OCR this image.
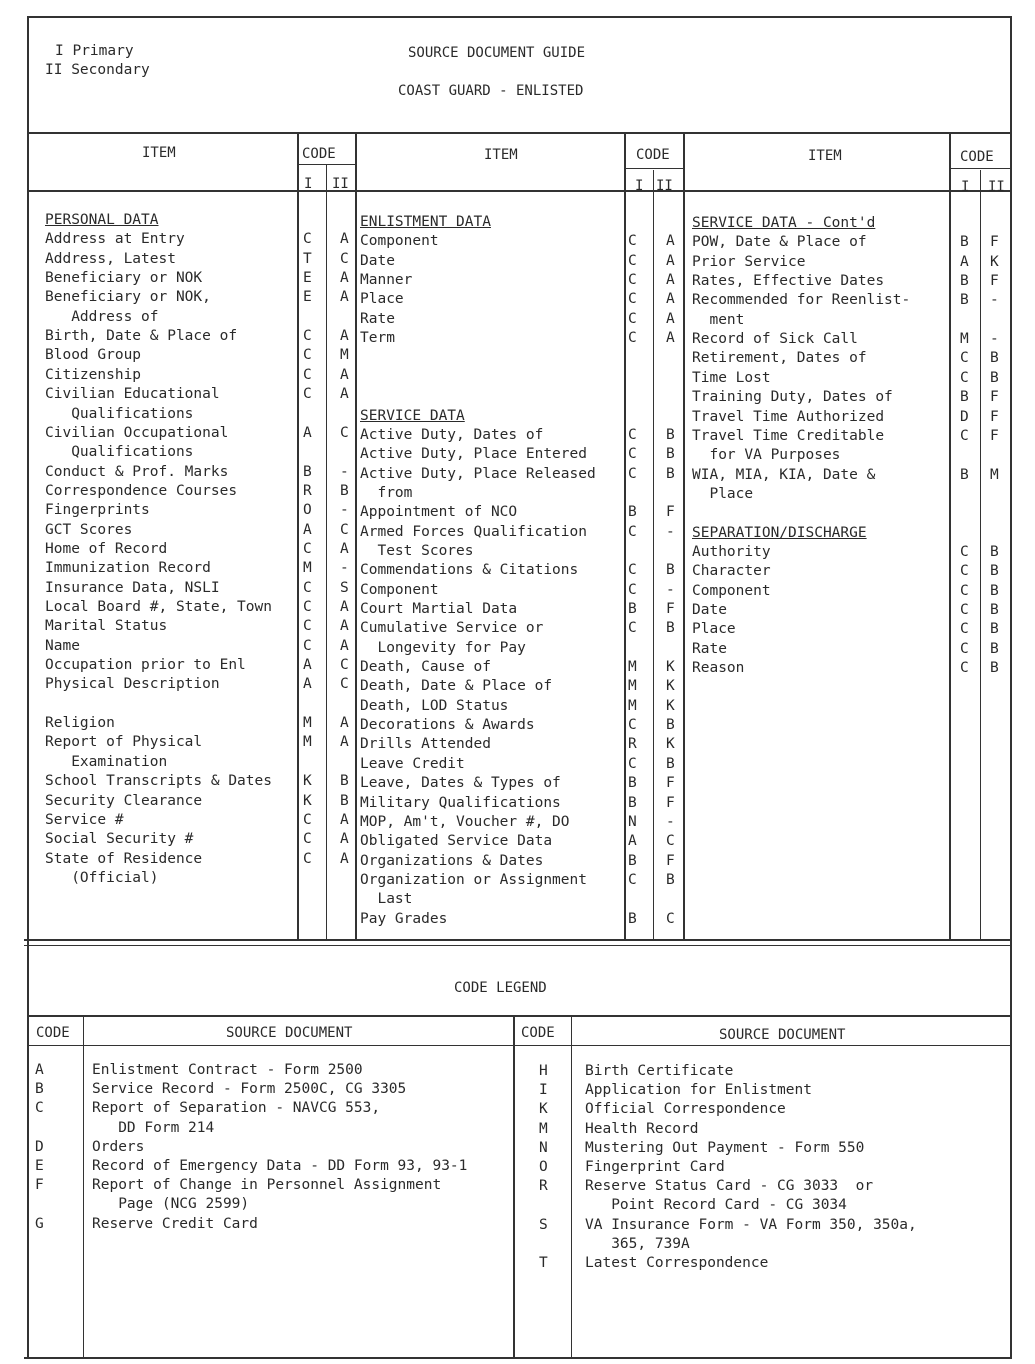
I Primary
II Secondary
SOURCE DOCUMENT GUIDE
COAST GUARD - ENLISTED
ITEM	CODE
I II
ITEM	CODE
I II
ITEM	CODE
I II
PERSONAL DATA
Address at Entry	C A
Address, Latest	T C
Beneficiary or NOK	E A
Beneficiary or NOK,	E A
Address of
Birth, Date & Place of	C A
Blood Group	C M
Citizenship	C A
Civilian Educational	C A
Qualifications
Civilian Occupational	A C
Qualifications
Conduct & Prof. Marks	B -
Correspondence Courses	R B
Fingerprints	O -
GCT Scores	A C
Home of Record	C A
Immunization Record	M -
Insurance Data, NSLI	C S
Local Board #, State, Town C A
Marital Status	C A
Name	C A
Occupation prior to Enl	A C
Physical Description	A C
Religion	M A
Report of Physical	M A
Examination
School Transcripts & Dates K B
Security Clearance	K B
Service #	C A
Social Security #	C A
State of Residence	C A
(Official)
ENLISTMENT DATA
Component	C A
Date	C A
Manner	C A
Place	C A
Rate	C A
Term	C A
SERVICE DATA
Active Duty, Dates of	C B
Active Duty, Place Entered	C B
Active Duty, Place Released C B
from
Appointment of NCO	B F
Armed Forces Qualification	C -
Test Scores
Commendations & Citations	C B
Component	C -
Court Martial Data	B F
Cumulative Service or	C B
Longevity for Pay
Death, Cause of	M K
Death, Date & Place of	M K
Death, LOD Status	M K
Decorations & Awards	C B
Drills Attended	R K
Leave Credit	C B
Leave, Dates & Types of	B F
Military Qualifications	B F
MOP, Am't, Voucher #, DO	N -
Obligated Service Data	A C
Organizations & Dates	B F
Organization or Assignment	C B
Last
Pay Grades	B C
SERVICE DATA - Cont'd
POW, Date & Place of	B F
Prior Service	A K
Rates, Effective Dates	B F
Recommended for Reenlist-	B -
ment
Record of Sick Call	M -
Retirement, Dates of	C B
Time Lost	C B
Training Duty, Dates of	B F
Travel Time Authorized	D F
Travel Time Creditable	C F
for VA Purposes
WIA, MIA, KIA, Date &	B M
Place
SEPARATION/DISCHARGE
Authority	C B
Character	C B
Component	C B
Date	C B
Place	C B
Rate	C B
Reason	C B
CODE LEGEND
CODE	SOURCE DOCUMENT	CODE	SOURCE DOCUMENT
A	Enlistment Contract - Form 2500
B	Service Record - Form 2500C, CG 3305
C	Report of Separation - NAVCG 553,
DD Form 214
D	Orders
E	Record of Emergency Data - DD Form 93, 93-1
F	Report of Change in Personnel Assignment
Page (NCG 2599)
G	Reserve Credit Card
H	Birth Certificate
I	Application for Enlistment
K	Official Correspondence
M	Health Record
N	Mustering Out Payment - Form 550
O	Fingerprint Card
R	Reserve Status Card - CG 3033  or
Point Record Card - CG 3034
S	VA Insurance Form - VA Form 350, 350a,
365, 739A
T	Latest Correspondence
